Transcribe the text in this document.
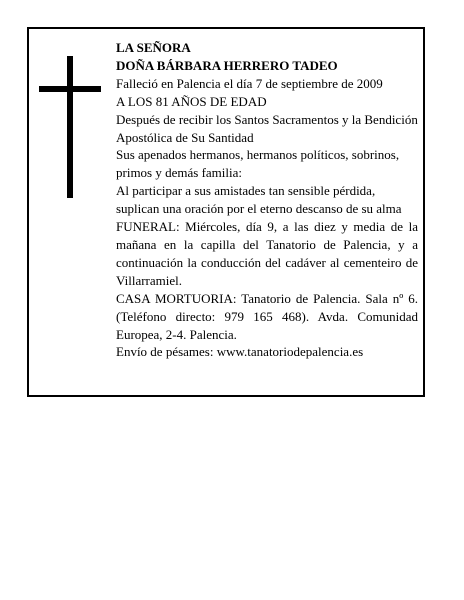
LA SEÑORA

DOÑA BÁRBARA HERRERO TADEO

Falleció en Palencia el día 7 de septiembre de 2009

A LOS 81 AÑOS DE EDAD

Después de recibir los Santos Sacramentos y la Bendición Apostólica de Su Santidad

Sus apenados hermanos, hermanos políticos, sobrinos, primos y demás familia:

Al participar a sus amistades tan sensible pérdida, suplican una oración por el eterno descanso de su alma

FUNERAL: Miércoles, día 9, a las diez y media de la mañana en la capilla del Tanatorio de Palencia, y a continuación la conducción del cadáver al cementeiro de Villarramiel.

CASA MORTUORIA: Tanatorio de Palencia. Sala nº 6. (Teléfono directo: 979 165 468). Avda. Comunidad Europea, 2-4. Palencia.

Envío de pésames: www.tanatoriodepalencia.es
